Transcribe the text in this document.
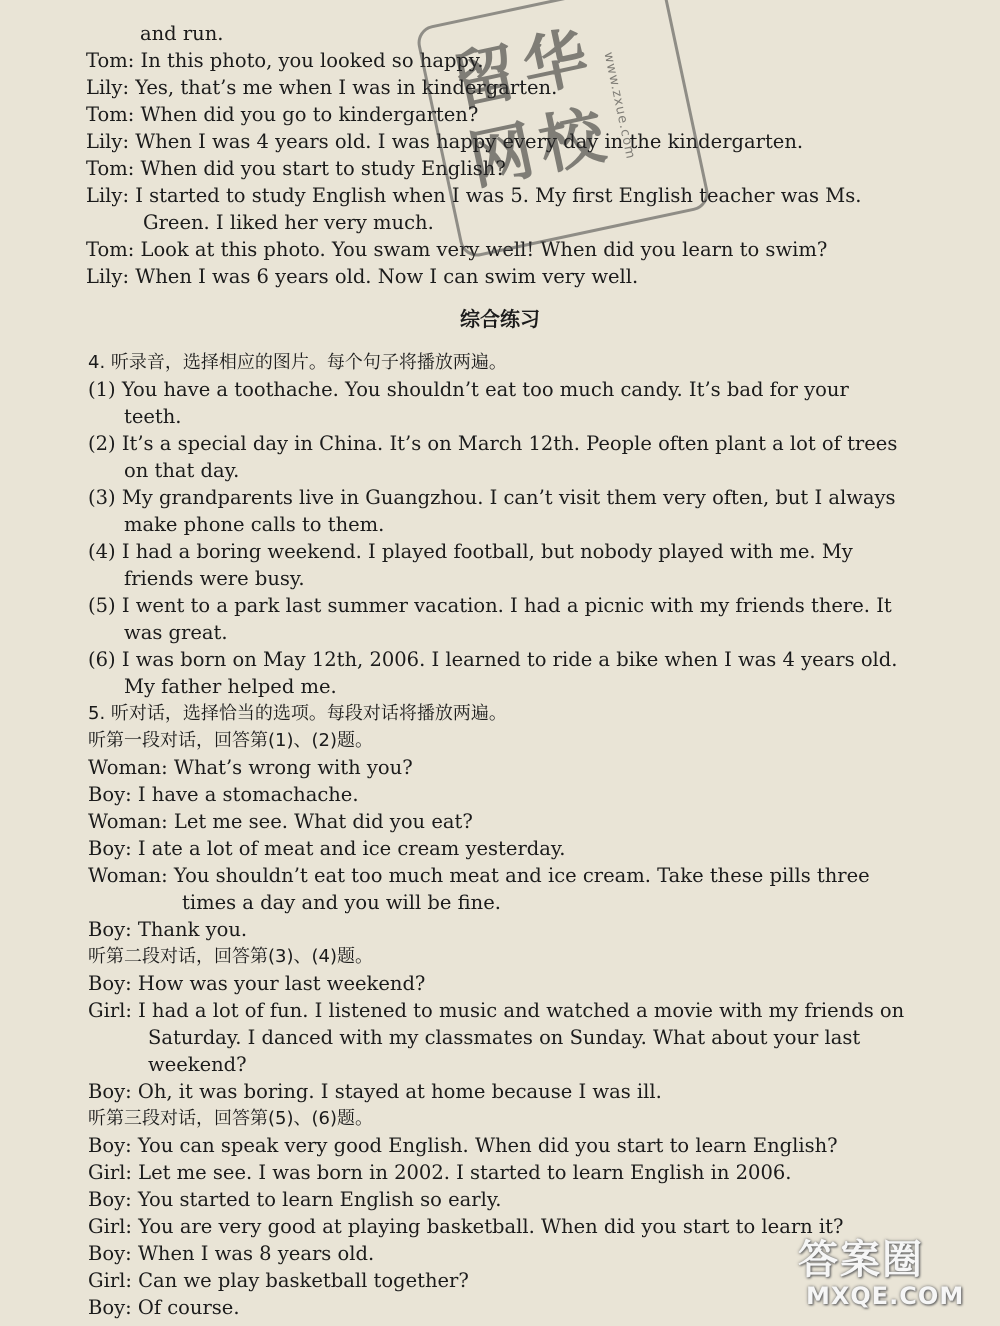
and run.
Tom: In this photo, you looked so happy.
Lily: Yes, that’s me when I was in kindergarten.
Tom: When did you go to kindergarten?
Lily: When I was 4 years old. I was happy every day in the kindergarten.
Tom: When did you start to study English?
Lily: I started to study English when I was 5. My first English teacher was Ms.
Green. I liked her very much.
Tom: Look at this photo. You swam very well! When did you learn to swim?
Lily: When I was 6 years old. Now I can swim very well.
综合练习
4. 听录音，选择相应的图片。每个句子将播放两遍。
(1) You have a toothache. You shouldn’t eat too much candy. It’s bad for your
teeth.
(2) It’s a special day in China. It’s on March 12th. People often plant a lot of trees
on that day.
(3) My grandparents live in Guangzhou. I can’t visit them very often, but I always
make phone calls to them.
(4) I had a boring weekend. I played football, but nobody played with me. My
friends were busy.
(5) I went to a park last summer vacation. I had a picnic with my friends there. It
was great.
(6) I was born on May 12th, 2006. I learned to ride a bike when I was 4 years old.
My father helped me.
5. 听对话，选择恰当的选项。每段对话将播放两遍。
听第一段对话，回答第(1)、(2)题。
Woman: What’s wrong with you?
Boy: I have a stomachache.
Woman: Let me see. What did you eat?
Boy: I ate a lot of meat and ice cream yesterday.
Woman: You shouldn’t eat too much meat and ice cream. Take these pills three
times a day and you will be fine.
Boy: Thank you.
听第二段对话，回答第(3)、(4)题。
Boy: How was your last weekend?
Girl: I had a lot of fun. I listened to music and watched a movie with my friends on
Saturday. I danced with my classmates on Sunday. What about your last
weekend?
Boy: Oh, it was boring. I stayed at home because I was ill.
听第三段对话，回答第(5)、(6)题。
Boy: You can speak very good English. When did you start to learn English?
Girl: Let me see. I was born in 2002. I started to learn English in 2006.
Boy: You started to learn English so early.
Girl: You are very good at playing basketball. When did you start to learn it?
Boy: When I was 8 years old.
Girl: Can we play basketball together?
Boy: Of course.
留
华
网
校
www.zxue.com
答案圈
MXQE.COM
